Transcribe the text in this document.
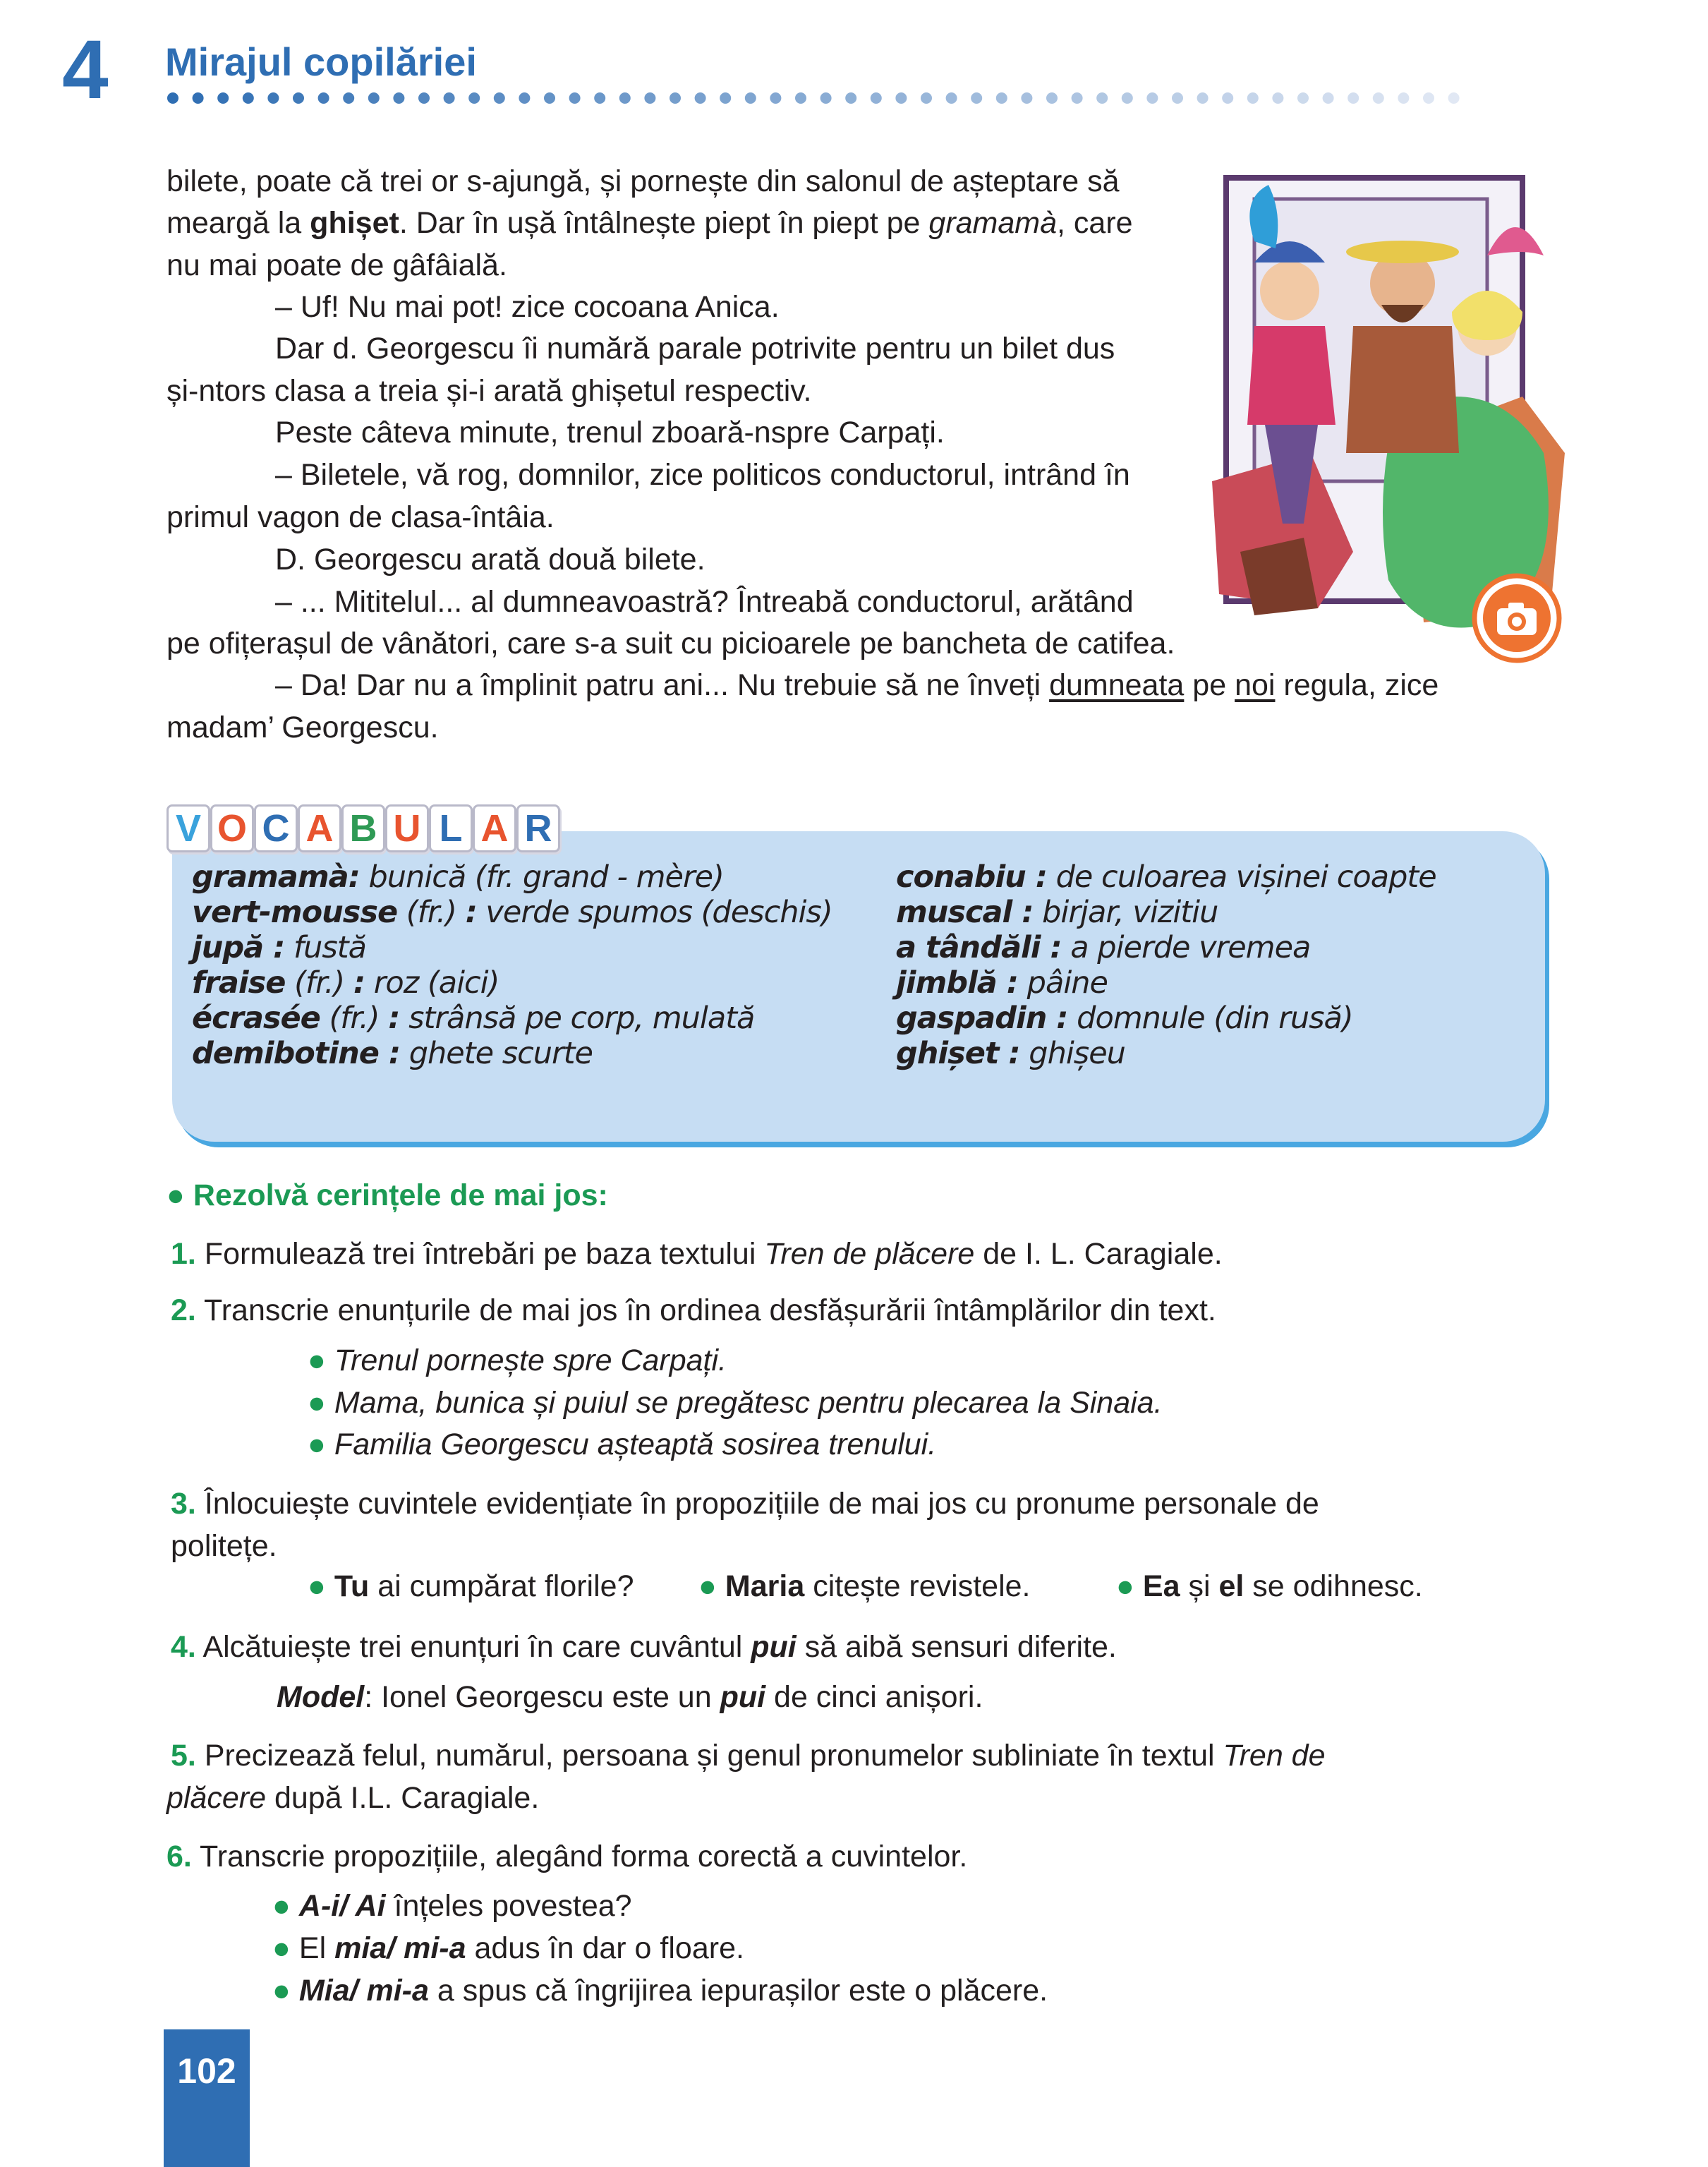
4 Mirajul copilăriei
bilete, poate că trei or s-ajungă, și pornește din salonul de așteptare să
meargă la ghișet. Dar în ușă întâlnește piept în piept pe gramamà, care
nu mai poate de gâfâială.
– Uf! Nu mai pot! zice cocoana Anica.
Dar d. Georgescu îi numără parale potrivite pentru un bilet dus
și-ntors clasa a treia și-i arată ghișetul respectiv.
Peste câteva minute, trenul zboară-nspre Carpați.
– Biletele, vă rog, domnilor, zice politicos conductorul, intrând în
primul vagon de clasa-întâia.
D. Georgescu arată două bilete.
– ... Mititelul... al dumneavoastră? Întreabă conductorul, arătând
pe ofițerașul de vânători, care s-a suit cu picioarele pe bancheta de catifea.
– Da! Dar nu a împlinit patru ani... Nu trebuie să ne înveți dumneata pe noi regula, zice
madam’ Georgescu.
V O C A B U L A R
gramamà: bunică (fr. grand - mère)
vert-mousse (fr.) : verde spumos (deschis)
jupă : fustă
fraise (fr.) : roz (aici)
écrasée (fr.) : strânsă pe corp, mulată
demibotine : ghete scurte
conabiu : de culoarea vișinei coapte
muscal : birjar, vizitiu
a tândăli : a pierde vremea
jimblă : pâine
gaspadin : domnule (din rusă)
ghișet : ghișeu
● Rezolvă cerințele de mai jos:
1. Formulează trei întrebări pe baza textului Tren de plăcere de I. L. Caragiale.
2. Transcrie enunțurile de mai jos în ordinea desfășurării întâmplărilor din text.
● Trenul pornește spre Carpați.
● Mama, bunica și puiul se pregătesc pentru plecarea la Sinaia.
● Familia Georgescu așteaptă sosirea trenului.
3. Înlocuiește cuvintele evidențiate în propozițiile de mai jos cu pronume personale de
politețe.
● Tu ai cumpărat florile? ● Maria citește revistele.	● Ea și el se odihnesc.
4. Alcătuiește trei enunțuri în care cuvântul pui să aibă sensuri diferite.
Model: Ionel Georgescu este un pui de cinci anișori.
5. Precizează felul, numărul, persoana și genul pronumelor subliniate în textul Tren de
plăcere după I.L. Caragiale.
6. Transcrie propozițiile, alegând forma corectă a cuvintelor.
● A-i/ Ai înțeles povestea?
● El mia/ mi-a adus în dar o floare.
● Mia/ mi-a a spus că îngrijirea iepurașilor este o plăcere.
102
